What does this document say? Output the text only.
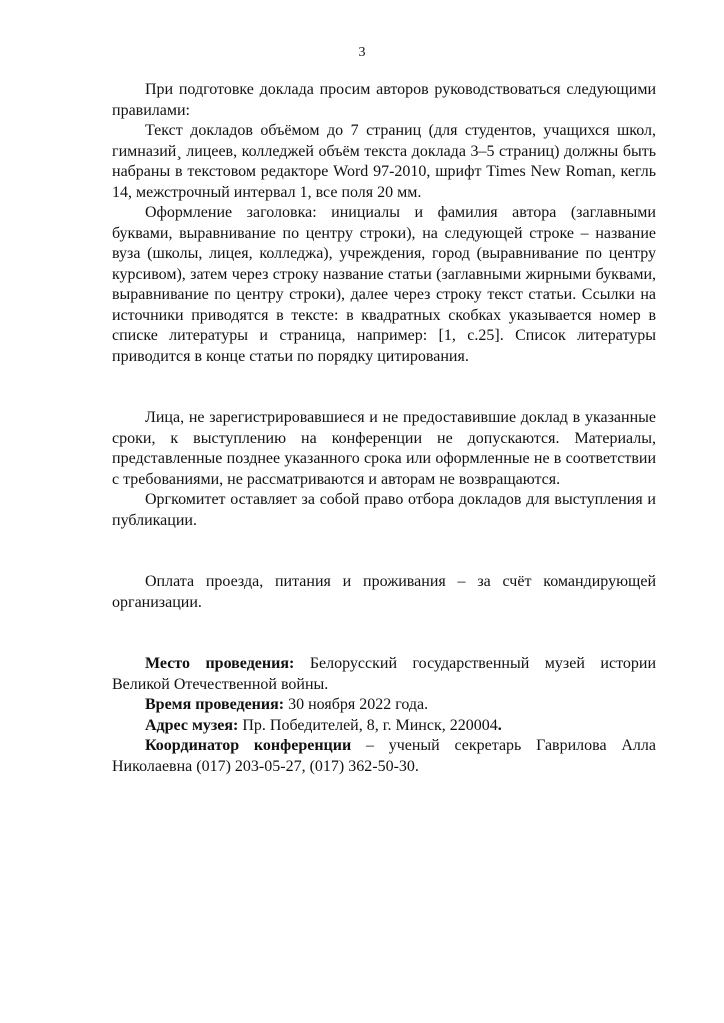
3

При подготовке доклада просим авторов руководствоваться следующими правилами:

Текст докладов объёмом до 7 страниц (для студентов, учащихся школ, гимназий¸ лицеев, колледжей объём текста доклада 3–5 страниц) должны быть набраны в текстовом редакторе Word 97-2010, шрифт Times New Roman, кегль 14, межстрочный интервал 1, все поля 20 мм.

Оформление заголовка: инициалы и фамилия автора (заглавными буквами, выравнивание по центру строки), на следующей строке – название вуза (школы, лицея, колледжа), учреждения, город (выравнивание по центру курсивом), затем через строку название статьи (заглавными жирными буквами, выравнивание по центру строки), далее через строку текст статьи. Ссылки на источники приводятся в тексте: в квадратных скобках указывается номер в списке литературы и страница, например: [1, с.25]. Список литературы приводится в конце статьи по порядку цитирования.

Лица, не зарегистрировавшиеся и не предоставившие доклад в указанные сроки, к выступлению на конференции не допускаются. Материалы, представленные позднее указанного срока или оформленные не в соответствии с требованиями, не рассматриваются и авторам не возвращаются.

Оргкомитет оставляет за собой право отбора докладов для выступления и публикации.

Оплата проезда, питания и проживания – за счёт командирующей организации.

Место проведения: Белорусский государственный музей истории Великой Отечественной войны.

Время проведения: 30 ноября 2022 года.

Адрес музея: Пр. Победителей, 8, г. Минск, 220004.

Координатор конференции – ученый секретарь Гаврилова Алла Николаевна (017) 203-05-27, (017) 362-50-30.
